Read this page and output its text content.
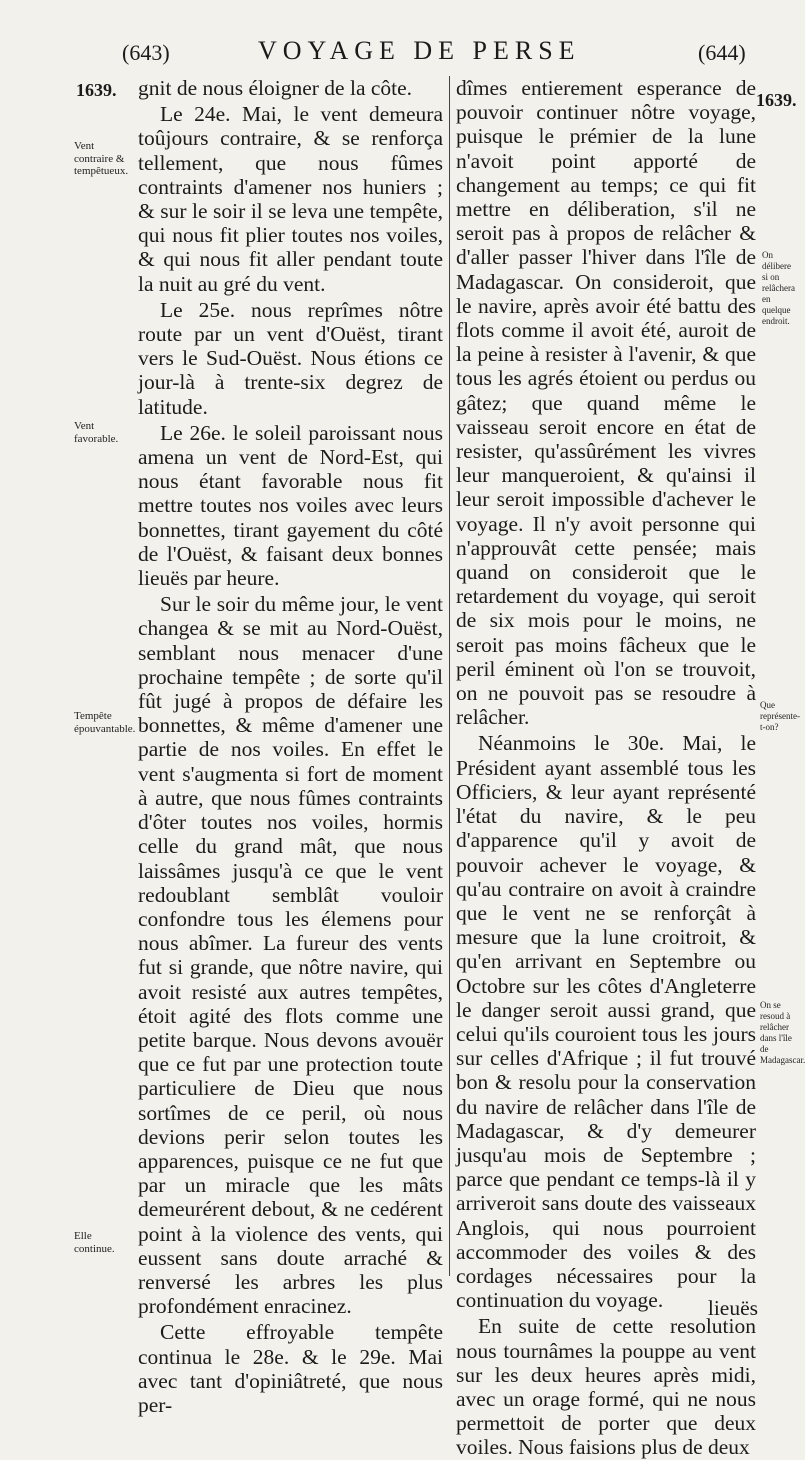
(643)	VOYAGE DE PERSE	(644)
1639.	1639.
Vent contraire & tempêtueux.
Vent favorable.
Tempête épouvantable.
Elle continue.
On délibere si on relâchera en quelque endroit.
Que représente-t-on?
On se resoud à relâcher dans l'île de Madagascar.

gnit de nous éloigner de la côte.

Le 24e. Mai, le vent demeura toûjours contraire, & se renforça tellement, que nous fûmes contraints d'amener nos huniers ; & sur le soir il se leva une tempête, qui nous fit plier toutes nos voiles, & qui nous fit aller pendant toute la nuit au gré du vent.

Le 25e. nous reprîmes nôtre route par un vent d'Ouëst, tirant vers le Sud-Ouëst. Nous étions ce jour-là à trente-six degrez de latitude.

Le 26e. le soleil paroissant nous amena un vent de Nord-Est, qui nous étant favorable nous fit mettre toutes nos voiles avec leurs bonnettes, tirant gayement du côté de l'Ouëst, & faisant deux bonnes lieuës par heure.

Sur le soir du même jour, le vent changea & se mit au Nord-Ouëst, semblant nous menacer d'une prochaine tempête ; de sorte qu'il fût jugé à propos de défaire les bonnettes, & même d'amener une partie de nos voiles. En effet le vent s'augmenta si fort de moment à autre, que nous fûmes contraints d'ôter toutes nos voiles, hormis celle du grand mât, que nous laissâmes jusqu'à ce que le vent redoublant semblât vouloir confondre tous les élemens pour nous abîmer. La fureur des vents fut si grande, que nôtre navire, qui avoit resisté aux autres tempêtes, étoit agité des flots comme une petite barque. Nous devons avouër que ce fut par une protection toute particuliere de Dieu que nous sortîmes de ce peril, où nous devions perir selon toutes les apparences, puisque ce ne fut que par un miracle que les mâts demeurérent debout, & ne cedérent point à la violence des vents, qui eussent sans doute arraché & renversé les arbres les plus profondément enracinez.

Cette effroyable tempête continua le 28e. & le 29e. Mai avec tant d'opiniâtreté, que nous per-

dîmes entierement esperance de pouvoir continuer nôtre voyage, puisque le prémier de la lune n'avoit point apporté de changement au temps; ce qui fit mettre en déliberation, s'il ne seroit pas à propos de relâcher & d'aller passer l'hiver dans l'île de Madagascar. On consideroit, que le navire, après avoir été battu des flots comme il avoit été, auroit de la peine à resister à l'avenir, & que tous les agrés étoient ou perdus ou gâtez; que quand même le vaisseau seroit encore en état de resister, qu'assûrément les vivres leur manqueroient, & qu'ainsi il leur seroit impossible d'achever le voyage. Il n'y avoit personne qui n'approuvât cette pensée; mais quand on consideroit que le retardement du voyage, qui seroit de six mois pour le moins, ne seroit pas moins fâcheux que le peril éminent où l'on se trouvoit, on ne pouvoit pas se resoudre à relâcher.

Néanmoins le 30e. Mai, le Président ayant assemblé tous les Officiers, & leur ayant représenté l'état du navire, & le peu d'apparence qu'il y avoit de pouvoir achever le voyage, & qu'au contraire on avoit à craindre que le vent ne se renforçât à mesure que la lune croitroit, & qu'en arrivant en Septembre ou Octobre sur les côtes d'Angleterre le danger seroit aussi grand, que celui qu'ils couroient tous les jours sur celles d'Afrique ; il fut trouvé bon & resolu pour la conservation du navire de relâcher dans l'île de Madagascar, & d'y demeurer jusqu'au mois de Septembre ; parce que pendant ce temps-là il y arriveroit sans doute des vaisseaux Anglois, qui nous pourroient accommoder des voiles & des cordages nécessaires pour la continuation du voyage.

En suite de cette resolution nous tournâmes la pouppe au vent sur les deux heures après midi, avec un orage formé, qui ne nous permettoit de porter que deux voiles. Nous faisions plus de deux

lieuës
